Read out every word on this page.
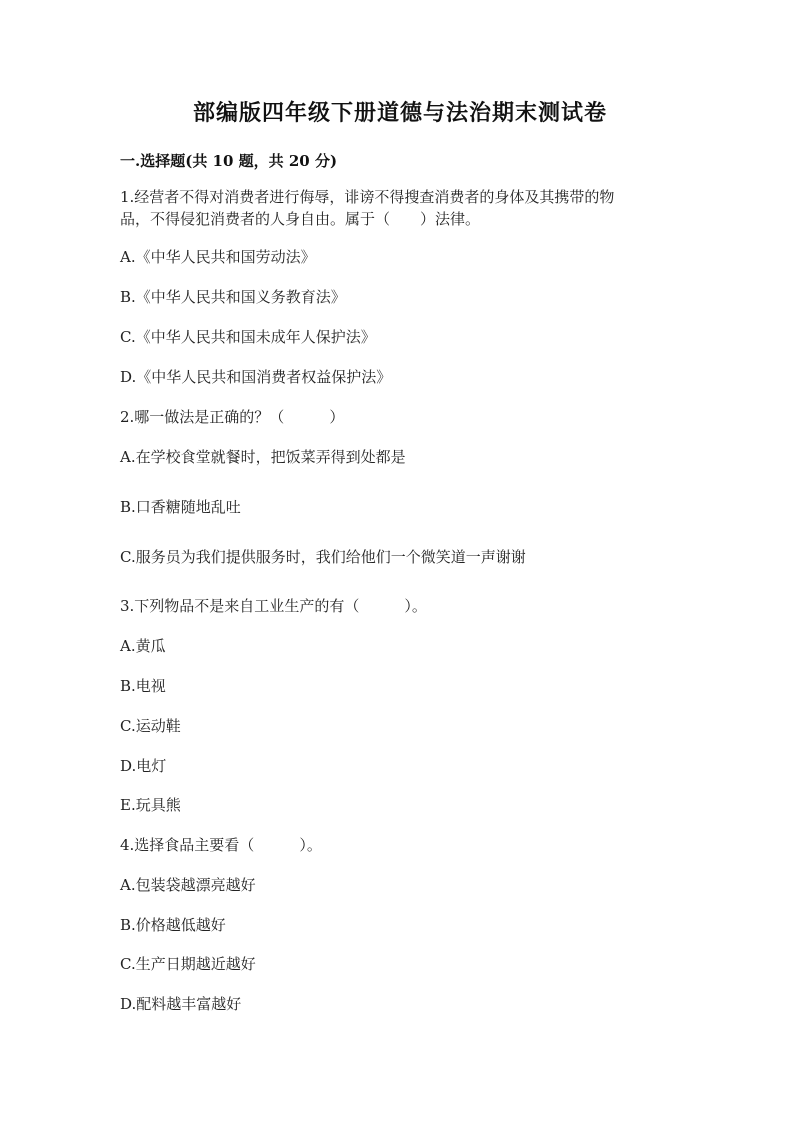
部编版四年级下册道德与法治期末测试卷
一.选择题(共 10 题，共 20 分)
1.经营者不得对消费者进行侮辱，诽谤不得搜查消费者的身体及其携带的物
品，不得侵犯消费者的人身自由。属于（　　）法律。
A.《中华人民共和国劳动法》
B.《中华人民共和国义务教育法》
C.《中华人民共和国未成年人保护法》
D.《中华人民共和国消费者权益保护法》
2.哪一做法是正确的？（　　　）
A.在学校食堂就餐时，把饭菜弄得到处都是
B.口香糖随地乱吐
C.服务员为我们提供服务时，我们给他们一个微笑道一声谢谢
3.下列物品不是来自工业生产的有（　　　）。
A.黄瓜
B.电视
C.运动鞋
D.电灯
E.玩具熊
4.选择食品主要看（　　　）。
A.包装袋越漂亮越好
B.价格越低越好
C.生产日期越近越好
D.配料越丰富越好
